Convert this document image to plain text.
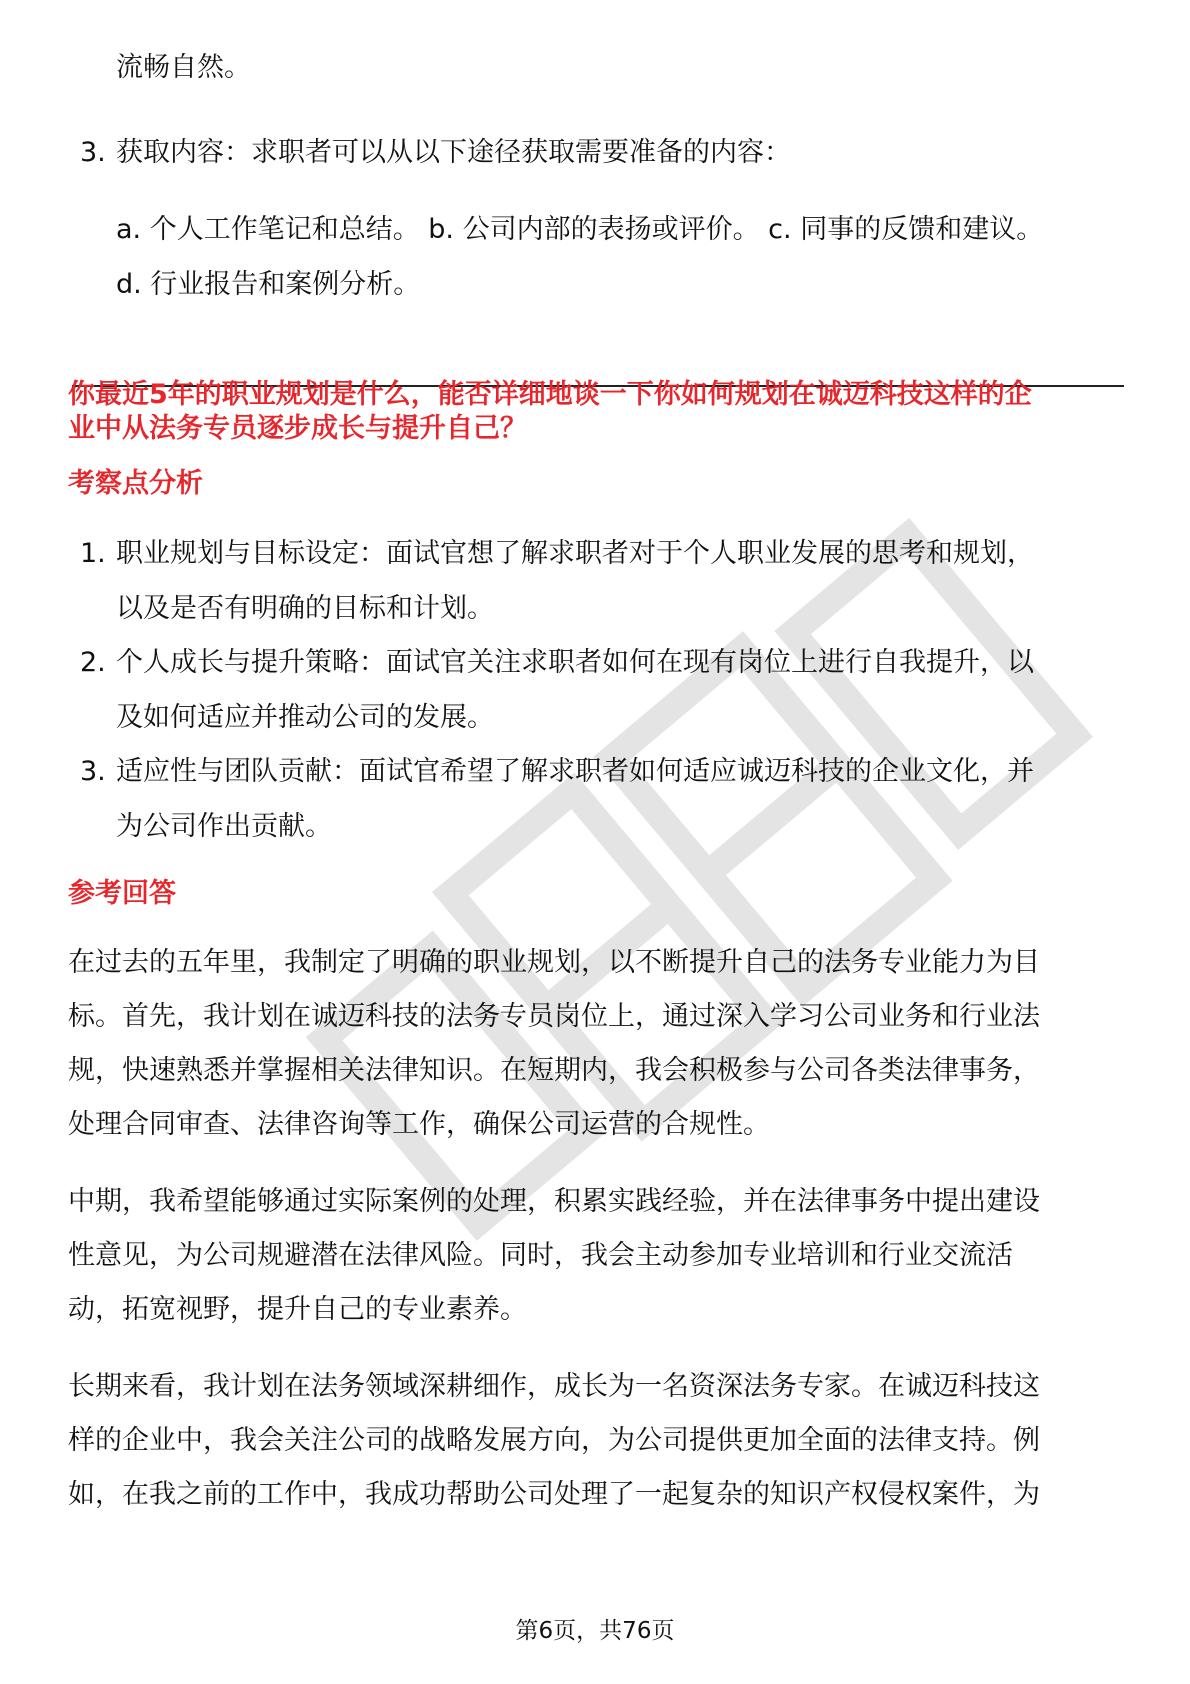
流畅自然。
3. 获取内容：求职者可以从以下途径获取需要准备的内容：
a. 个人工作笔记和总结。 b. 公司内部的表扬或评价。 c. 同事的反馈和建议。
d. 行业报告和案例分析。
你最近5年的职业规划是什么，能否详细地谈一下你如何规划在诚迈科技这样的企
业中从法务专员逐步成长与提升自己？
考察点分析
1. 职业规划与目标设定：面试官想了解求职者对于个人职业发展的思考和规划，
以及是否有明确的目标和计划。
2. 个人成长与提升策略：面试官关注求职者如何在现有岗位上进行自我提升，以
及如何适应并推动公司的发展。
3. 适应性与团队贡献：面试官希望了解求职者如何适应诚迈科技的企业文化，并
为公司作出贡献。
参考回答
在过去的五年里，我制定了明确的职业规划，以不断提升自己的法务专业能力为目
标。首先，我计划在诚迈科技的法务专员岗位上，通过深入学习公司业务和行业法
规，快速熟悉并掌握相关法律知识。在短期内，我会积极参与公司各类法律事务，
处理合同审查、法律咨询等工作，确保公司运营的合规性。
中期，我希望能够通过实际案例的处理，积累实践经验，并在法律事务中提出建设
性意见，为公司规避潜在法律风险。同时，我会主动参加专业培训和行业交流活
动，拓宽视野，提升自己的专业素养。
长期来看，我计划在法务领域深耕细作，成长为一名资深法务专家。在诚迈科技这
样的企业中，我会关注公司的战略发展方向，为公司提供更加全面的法律支持。例
如，在我之前的工作中，我成功帮助公司处理了一起复杂的知识产权侵权案件，为
第6页，共76页
